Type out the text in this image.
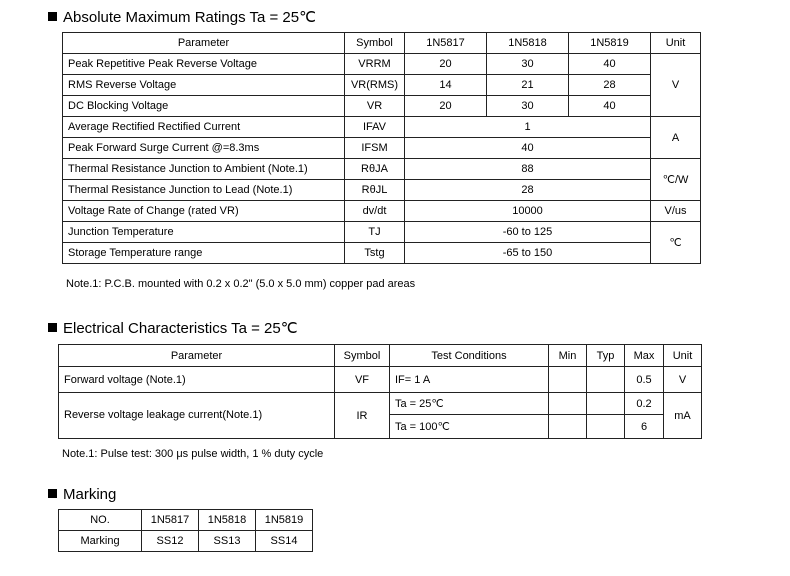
Absolute Maximum Ratings Ta = 25℃
Parameter	Symbol	1N5817	1N5818	1N5819	Unit
Peak Repetitive Peak Reverse Voltage	VRRM	20	30	40	V
RMS Reverse Voltage	VR(RMS)	14	21	28	
DC Blocking Voltage	VR	20	30	40	
Average Rectified Rectified Current	IFAV	1			A
Peak Forward Surge Current @=8.3ms	IFSM	40			
Thermal Resistance Junction to Ambient (Note.1)	RθJA	88			℃/W
Thermal Resistance Junction to Lead (Note.1)	RθJL	28			
Voltage Rate of Change (rated VR)	dv/dt	10000			V/us
Junction Temperature	TJ	-60 to 125			℃
Storage Temperature range	Tstg	-65 to 150			
Note.1: P.C.B. mounted with 0.2 x 0.2" (5.0 x 5.0 mm) copper pad areas
Electrical Characteristics Ta = 25℃
Parameter	Symbol	Test Conditions	Min	Typ	Max	Unit
Forward voltage (Note.1)	VF	IF= 1 A			0.5	V
Reverse voltage leakage current(Note.1)	IR	Ta = 25℃			0.2	mA
		Ta = 100℃			6	
Note.1: Pulse test: 300 μs pulse width, 1 % duty cycle
Marking
NO.	1N5817	1N5818	1N5819
Marking	SS12	SS13	SS14
